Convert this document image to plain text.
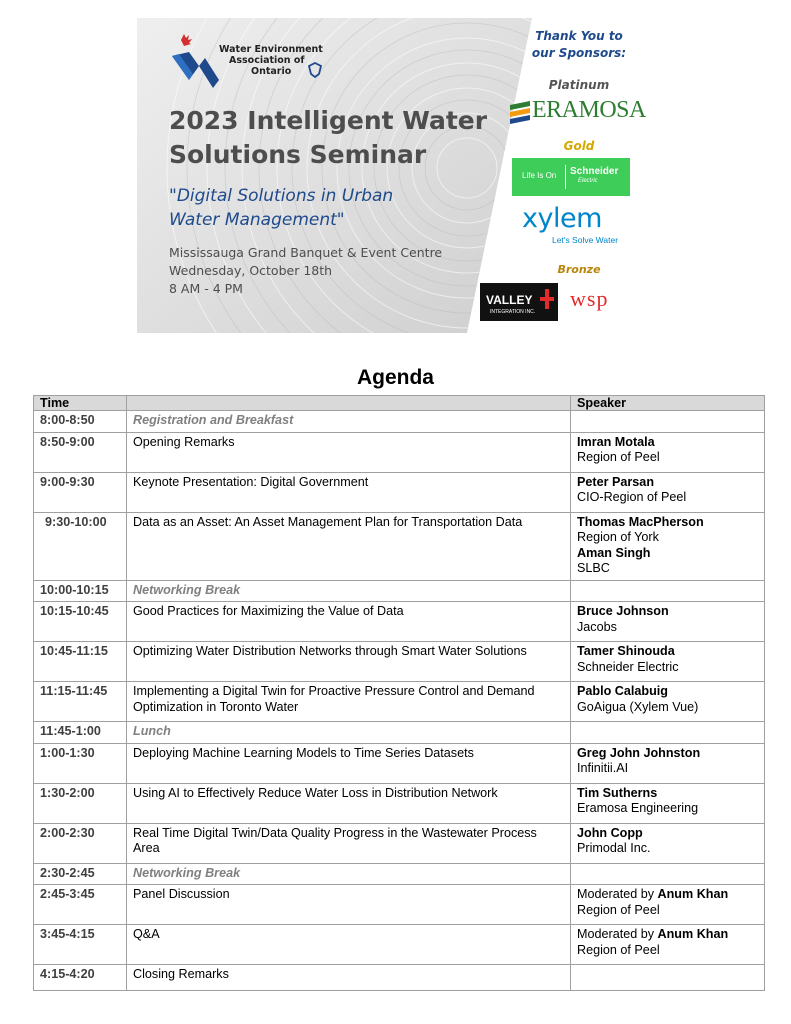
Water Environment
Association of
Ontario
2023 Intelligent Water
Solutions Seminar
"Digital Solutions in Urban
Water Management"
Mississauga Grand Banquet & Event Centre
Wednesday, October 18th
8 AM - 4 PM
Thank You to
our Sponsors:
Platinum
ERAMOSA
Gold
Life Is On Schneider
Electric
xylem
Let's Solve Water
Bronze
VALLEY
INTEGRATION INC.
wsp
Agenda
Time		Speaker
8:00-8:50	Registration and Breakfast	
8:50-9:00	Opening Remarks	Imran Motala
Region of Peel

9:00-9:30	Keynote Presentation: Digital Government	Peter Parsan
CIO-Region of Peel

9:30-10:00	Data as an Asset: An Asset Management Plan for Transportation Data	Thomas MacPherson
Region of York
Aman Singh
SLBC

10:00-10:15	Networking Break	
10:15-10:45	Good Practices for Maximizing the Value of Data	Bruce Johnson
Jacobs

10:45-11:15	Optimizing Water Distribution Networks through Smart Water Solutions	Tamer Shinouda
Schneider Electric

11:15-11:45	Implementing a Digital Twin for Proactive Pressure Control and Demand Optimization in Toronto Water	Pablo Calabuig
GoAigua (Xylem Vue)

11:45-1:00	Lunch	
1:00-1:30	Deploying Machine Learning Models to Time Series Datasets	Greg John Johnston
Infinitii.AI

1:30-2:00	Using AI to Effectively Reduce Water Loss in Distribution Network	Tim Sutherns
Eramosa Engineering

2:00-2:30	Real Time Digital Twin/Data Quality Progress in the Wastewater Process Area	John Copp
Primodal Inc.

2:30-2:45	Networking Break	
2:45-3:45	Panel Discussion	Moderated by Anum Khan
Region of Peel

3:45-4:15	Q&A	Moderated by Anum Khan
Region of Peel

4:15-4:20	Closing Remarks	
